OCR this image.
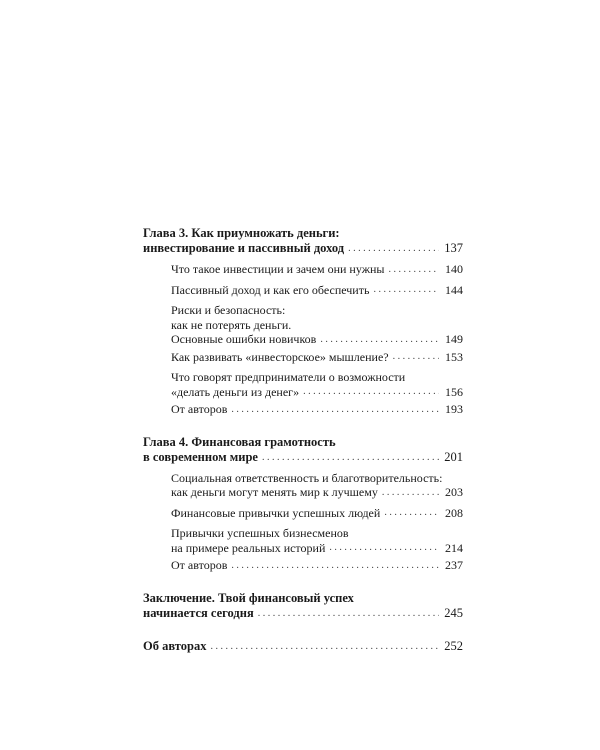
Глава 3. Как приумножать деньги:
инвестирование и пассивный доход . . .	137
Что такое инвестиции и зачем они нужны . . .	140
Пассивный доход и как его обеспечить . . .	144
Риски и безопасность:
как не потерять деньги.
Основные ошибки новичков . . .	149
Как развивать «инвесторское» мышление? . . .	153
Что говорят предприниматели о возможности
«делать деньги из денег» . . .	156
От авторов . . .	193
Глава 4. Финансовая грамотность
в современном мире . . .	201
Социальная ответственность и благотворительность:
как деньги могут менять мир к лучшему . . .	203
Финансовые привычки успешных людей . . .	208
Привычки успешных бизнесменов
на примере реальных историй . . .	214
От авторов . . .	237
Заключение. Твой финансовый успех
начинается сегодня . . .	245
Об авторах . . .	252
